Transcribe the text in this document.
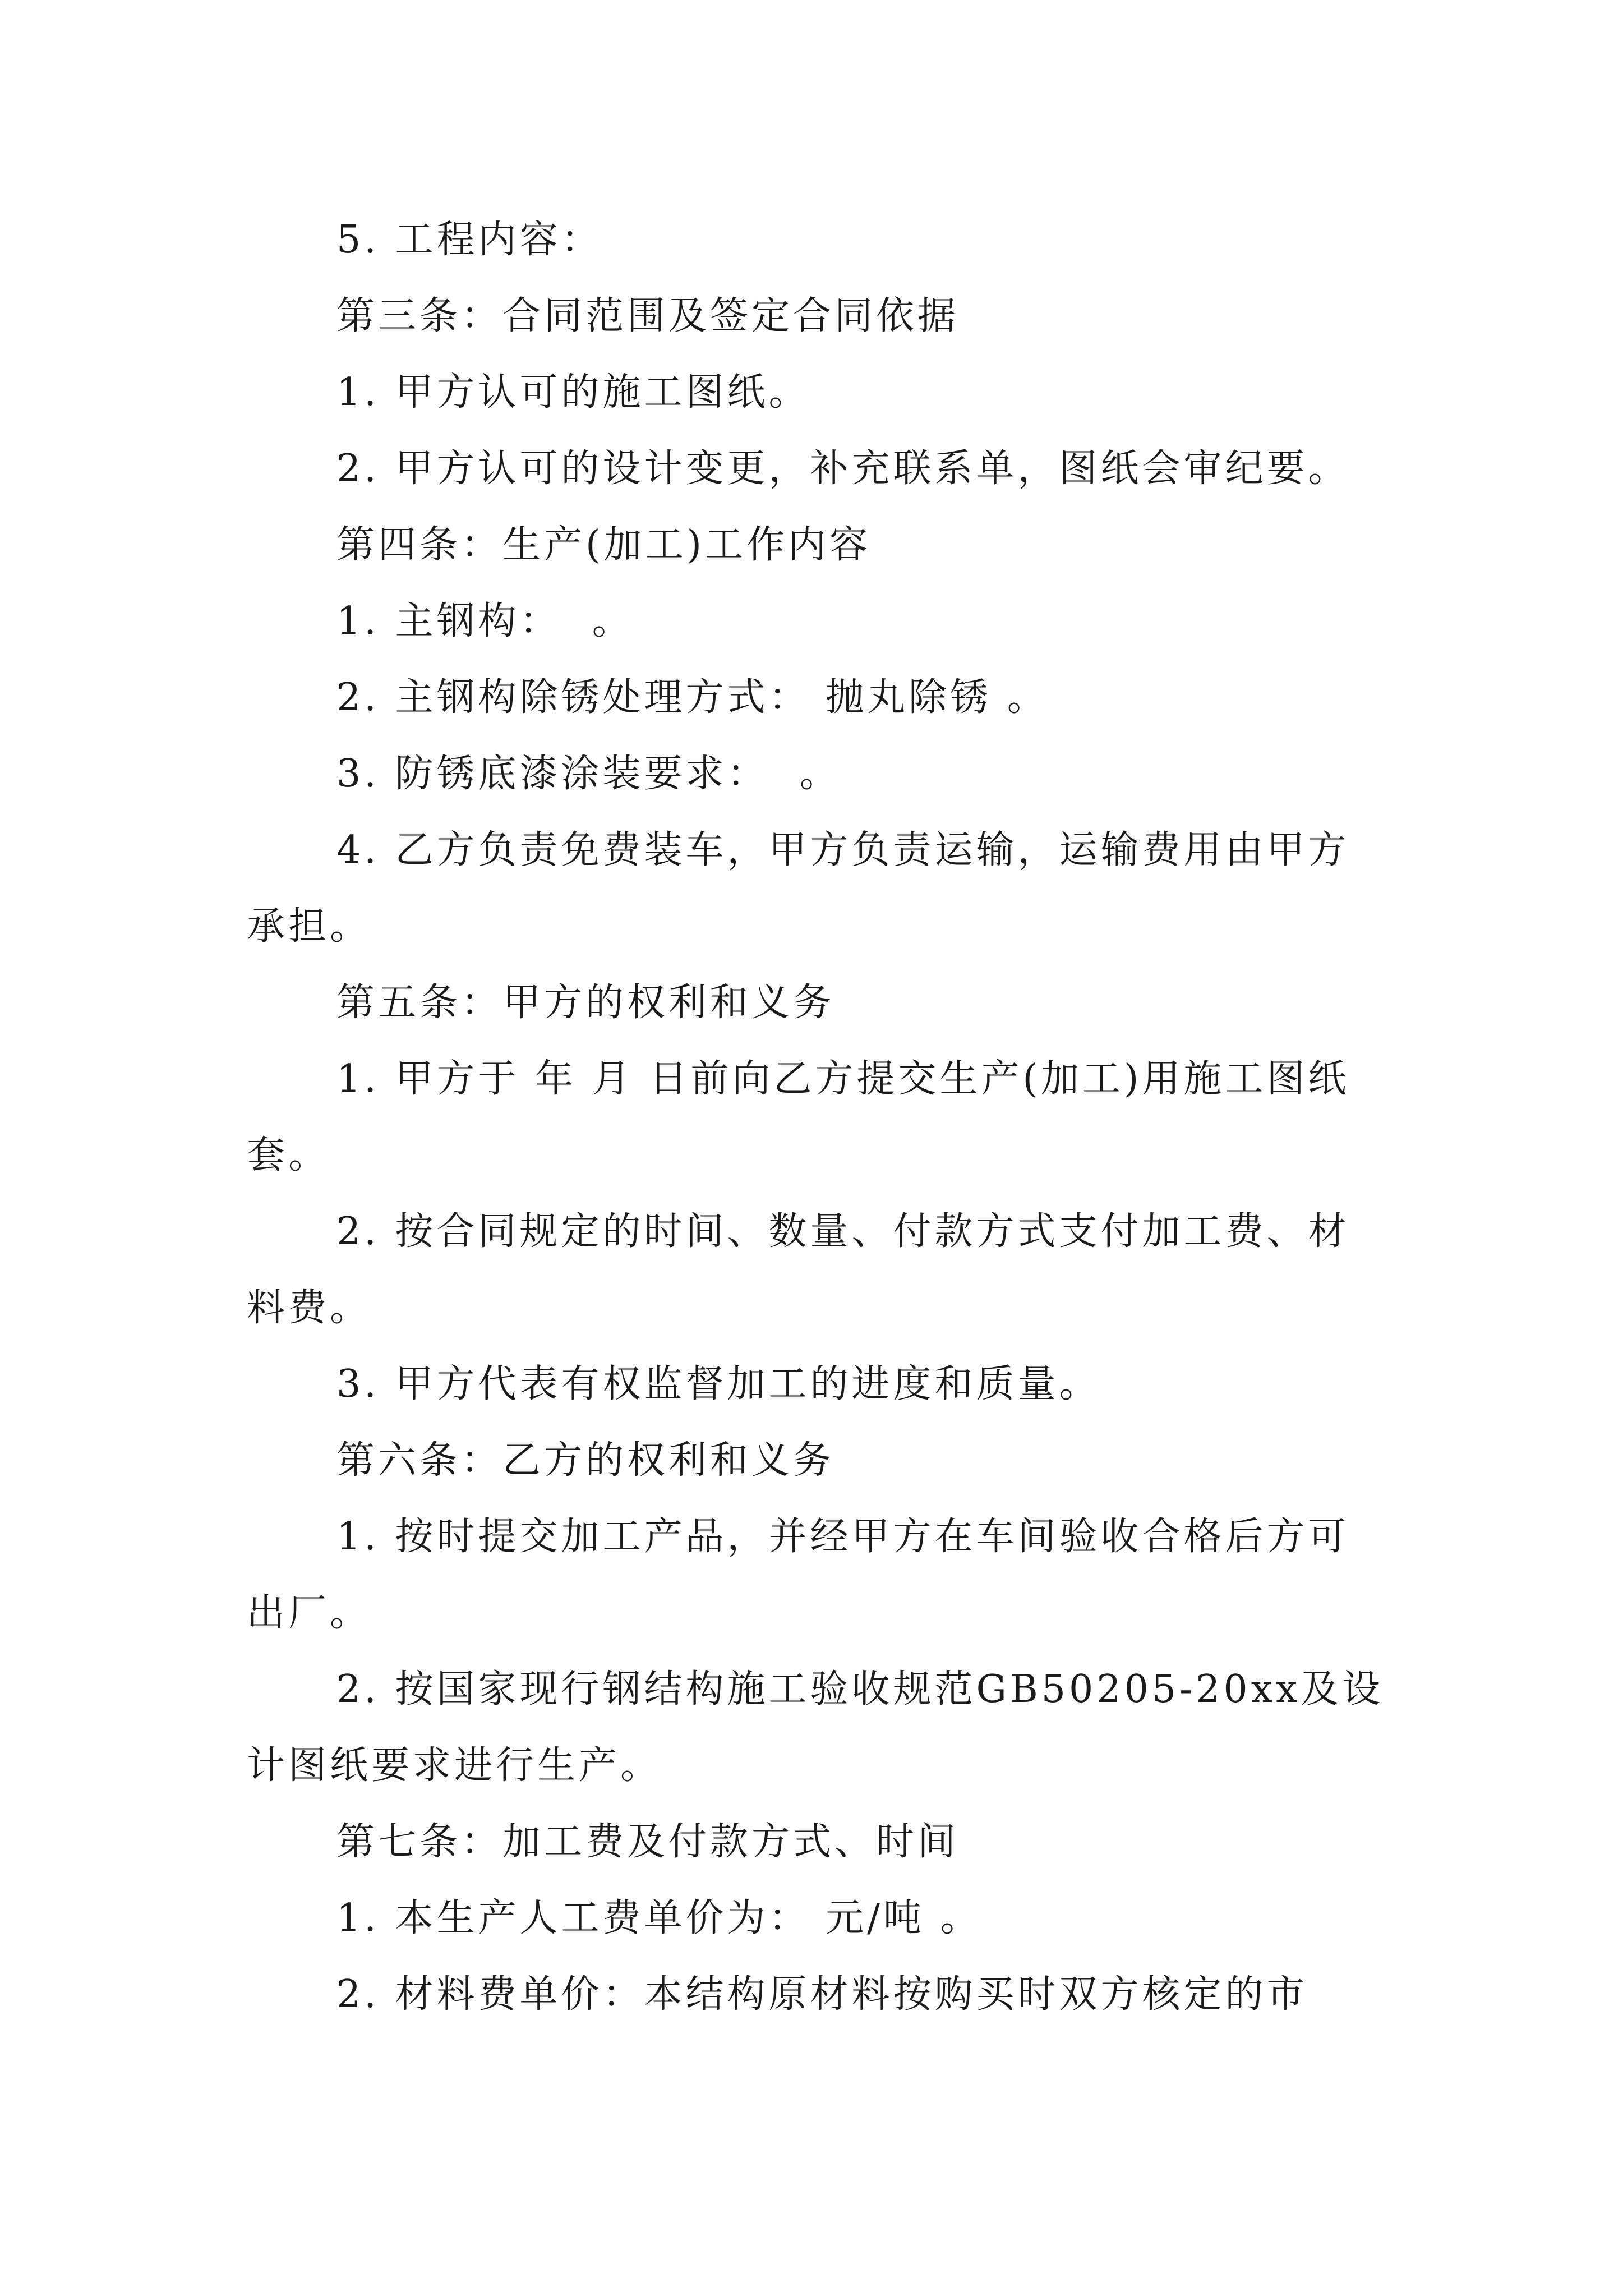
5. 工程内容：

第三条：合同范围及签定合同依据

1. 甲方认可的施工图纸。

2. 甲方认可的设计变更，补充联系单，图纸会审纪要。

第四条：生产(加工)工作内容

1. 主钢构：  。

2. 主钢构除锈处理方式： 抛丸除锈 。

3. 防锈底漆涂装要求：  。

4. 乙方负责免费装车，甲方负责运输，运输费用由甲方承担。

第五条：甲方的权利和义务

1. 甲方于 年 月 日前向乙方提交生产(加工)用施工图纸 套。

2. 按合同规定的时间、数量、付款方式支付加工费、材料费。

3. 甲方代表有权监督加工的进度和质量。

第六条：乙方的权利和义务

1. 按时提交加工产品，并经甲方在车间验收合格后方可出厂。

2. 按国家现行钢结构施工验收规范GB50205-20xx及设计图纸要求进行生产。

第七条：加工费及付款方式、时间

1. 本生产人工费单价为： 元/吨 。

2. 材料费单价：本结构原材料按购买时双方核定的市
